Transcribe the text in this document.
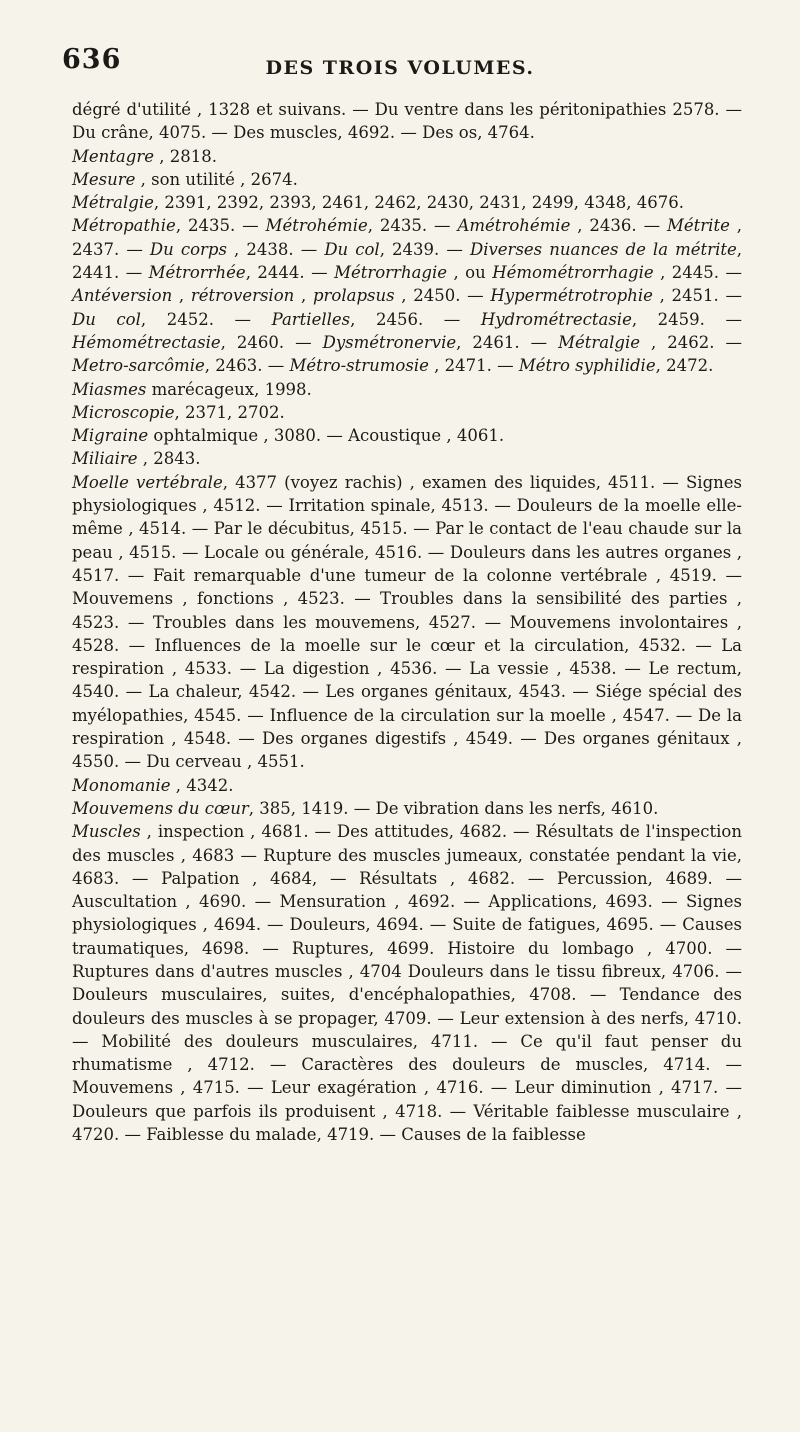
636	DES TROIS VOLUMES.

dégré d'utilité , 1328 et suivans. — Du ventre dans les péritonipathies 2578. — Du crâne, 4075. — Des muscles, 4692. — Des os, 4764.

Mentagre , 2818.

Mesure , son utilité , 2674.

Métralgie, 2391, 2392, 2393, 2461, 2462, 2430, 2431, 2499, 4348, 4676.

Métropathie, 2435. — Métrohémie, 2435. — Amétrohémie , 2436. — Métrite , 2437. — Du corps , 2438. — Du col, 2439. — Diverses nuances de la métrite, 2441. — Métrorrhée, 2444. — Métrorrhagie , ou Hémométrorrhagie , 2445. — Antéversion , rétroversion , prolapsus , 2450. — Hypermétrotrophie , 2451. — Du col, 2452. — Partielles, 2456. — Hydrométrectasie, 2459. — Hémométrectasie, 2460. — Dysmétronervie, 2461. — Métralgie , 2462. — Metro-sarcômie, 2463. — Métro-strumosie , 2471. — Métro syphilidie, 2472.

Miasmes marécageux, 1998.

Microscopie, 2371, 2702.

Migraine ophtalmique , 3080. — Acoustique , 4061.

Miliaire , 2843.

Moelle vertébrale, 4377 (voyez rachis) , examen des liquides, 4511. — Signes physiologiques , 4512. — Irritation spinale, 4513. — Douleurs de la moelle elle-même , 4514. — Par le décubitus, 4515. — Par le contact de l'eau chaude sur la peau , 4515. — Locale ou générale, 4516. — Douleurs dans les autres organes , 4517. — Fait remarquable d'une tumeur de la colonne vertébrale , 4519. — Mouvemens , fonctions , 4523. — Troubles dans la sensibilité des parties , 4523. — Troubles dans les mouvemens, 4527. — Mouvemens involontaires , 4528. — Influences de la moelle sur le cœur et la circulation, 4532. — La respiration , 4533. — La digestion , 4536. — La vessie , 4538. — Le rectum, 4540. — La chaleur, 4542. — Les organes génitaux, 4543. — Siége spécial des myélopathies, 4545. — Influence de la circulation sur la moelle , 4547. — De la respiration , 4548. — Des organes digestifs , 4549. — Des organes génitaux , 4550. — Du cerveau , 4551.

Monomanie , 4342.

Mouvemens du cœur, 385, 1419. — De vibration dans les nerfs, 4610.

Muscles , inspection , 4681. — Des attitudes, 4682. — Résultats de l'inspection des muscles , 4683 — Rupture des muscles jumeaux, constatée pendant la vie, 4683. — Palpation , 4684, — Résultats , 4682. — Percussion, 4689. — Auscultation , 4690. — Mensuration , 4692. — Applications, 4693. — Signes physiologiques , 4694. — Douleurs, 4694. — Suite de fatigues, 4695. — Causes traumatiques, 4698. — Ruptures, 4699. Histoire du lombago , 4700. — Ruptures dans d'autres muscles , 4704 Douleurs dans le tissu fibreux, 4706. — Douleurs musculaires, suites, d'encéphalopathies, 4708. — Tendance des douleurs des muscles à se propager, 4709. — Leur extension à des nerfs, 4710. — Mobilité des douleurs musculaires, 4711. — Ce qu'il faut penser du rhumatisme , 4712. — Caractères des douleurs de muscles, 4714. — Mouvemens , 4715. — Leur exagération , 4716. — Leur diminution , 4717. — Douleurs que parfois ils produisent , 4718. — Véritable faiblesse musculaire , 4720. — Faiblesse du malade, 4719. — Causes de la faiblesse
